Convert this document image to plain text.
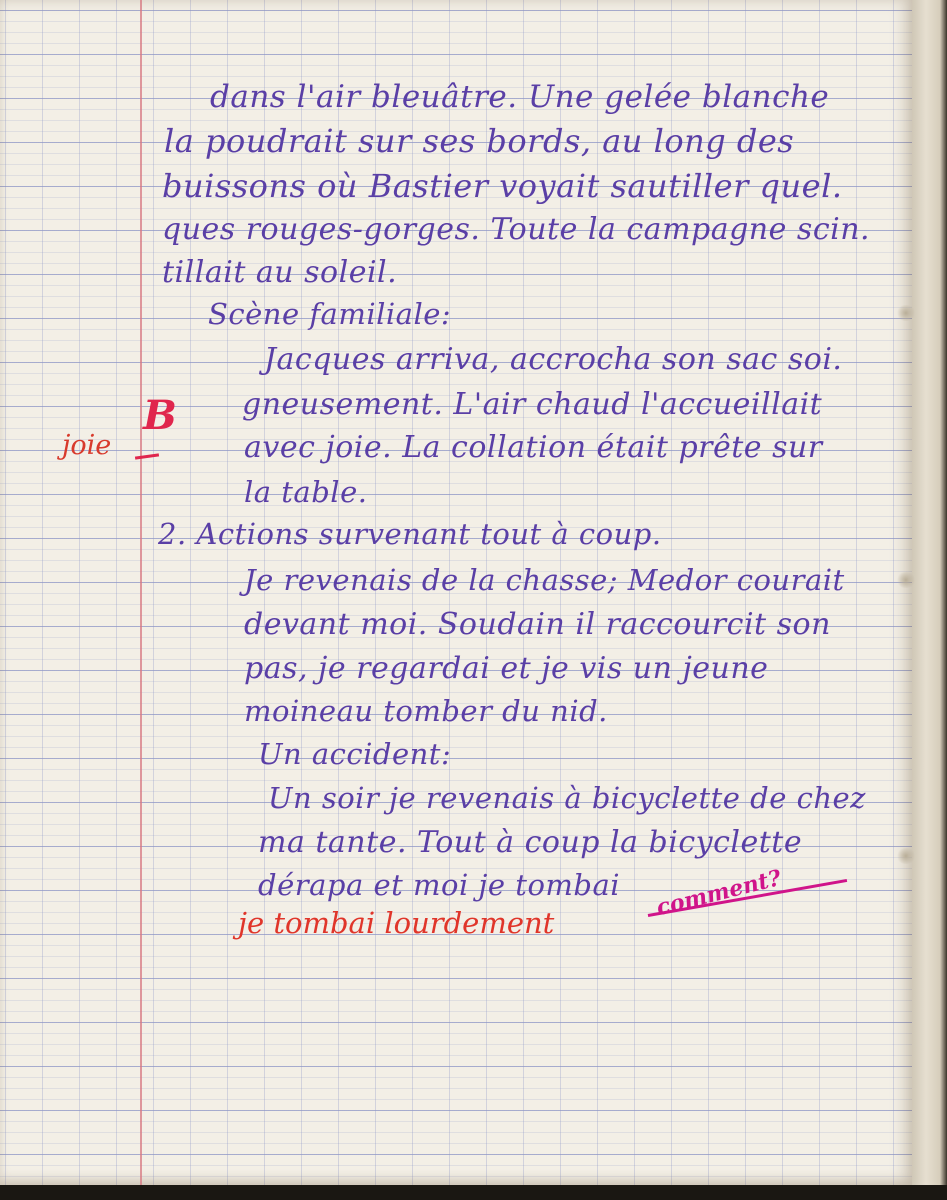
dans l'air bleuâtre. Une gelée blanche
la poudrait sur ses bords, au long des
buissons où Bastier voyait sautiller quel.
ques rouges-gorges. Toute la campagne scin.
tillait au soleil.
Scène familiale:
Jacques arriva, accrocha son sac soi.
gneusement. L'air chaud l'accueillait
avec joie. La collation était prête sur
la table.
2. Actions survenant tout à coup.
Je revenais de la chasse; Medor courait
devant moi. Soudain il raccourcit son
pas, je regardai et je vis un jeune
moineau tomber du nid.
Un accident:
Un soir je revenais à bicyclette de chez
ma tante. Tout à coup la bicyclette
dérapa et moi je tombai
joie
B
je tombai lourdement
comment?
